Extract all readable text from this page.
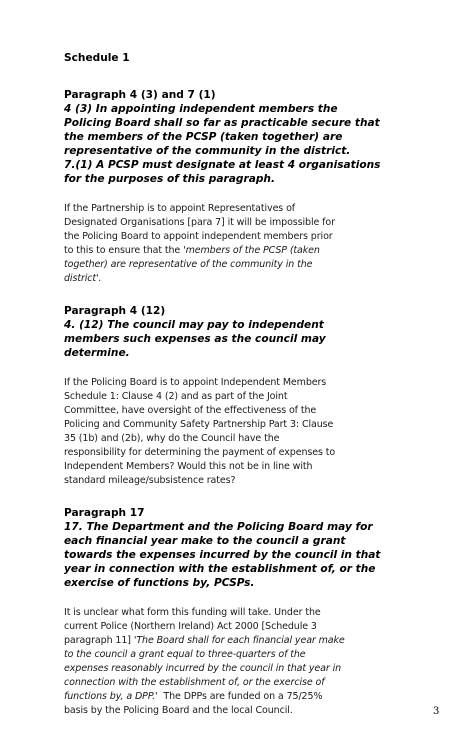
Schedule 1

Paragraph 4 (3) and 7 (1)

4 (3) In appointing independent members the

Policing Board shall so far as practicable secure that

the members of the PCSP (taken together) are

representative of the community in the district.

7.(1) A PCSP must designate at least 4 organisations

for the purposes of this paragraph.

If the Partnership is to appoint Representatives of

Designated Organisations [para 7] it will be impossible for

the Policing Board to appoint independent members prior

to this to ensure that the 'members of the PCSP (taken

together) are representative of the community in the

district'.

Paragraph 4 (12)

4. (12) The council may pay to independent

members such expenses as the council may

determine.

If the Policing Board is to appoint Independent Members

Schedule 1: Clause 4 (2) and as part of the Joint

Committee, have oversight of the effectiveness of the

Policing and Community Safety Partnership Part 3: Clause

35 (1b) and (2b), why do the Council have the

responsibility for determining the payment of expenses to

Independent Members? Would this not be in line with

standard mileage/subsistence rates?

Paragraph 17

17. The Department and the Policing Board may for

each financial year make to the council a grant

towards the expenses incurred by the council in that

year in connection with the establishment of, or the

exercise of functions by, PCSPs.

It is unclear what form this funding will take. Under the

current Police (Northern Ireland) Act 2000 [Schedule 3

paragraph 11] 'The Board shall for each financial year make

to the council a grant equal to three-quarters of the

expenses reasonably incurred by the council in that year in

connection with the establishment of, or the exercise of

functions by, a DPP.'  The DPPs are funded on a 75/25%

basis by the Policing Board and the local Council.	3
